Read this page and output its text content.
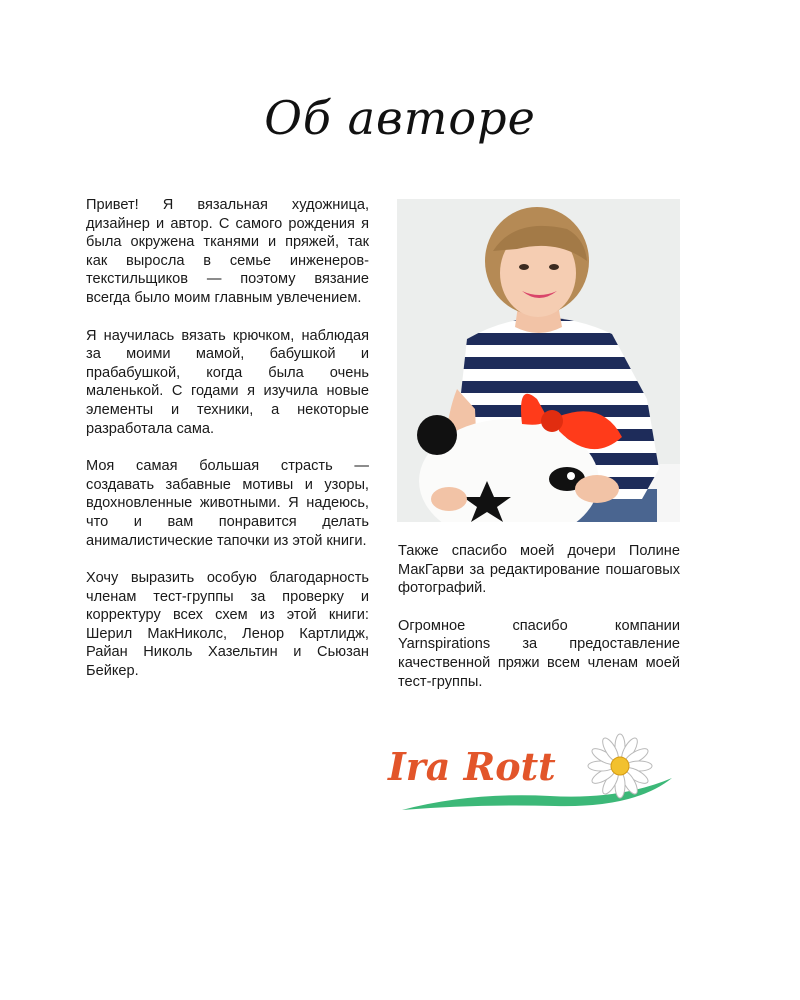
Об авторе

Привет! Я вязальная художница, дизайнер и автор. С самого рождения я была окружена тканями и пряжей, так как выросла в семье инженеров-текстильщиков — поэтому вязание всегда было моим главным увлечением.

Я научилась вязать крючком, наблюдая за моими мамой, бабушкой и прабабушкой, когда была очень маленькой. С годами я изучила новые элементы и техники, а некоторые разработала сама.

Моя самая большая страсть — создавать забавные мотивы и узоры, вдохновленные животными. Я надеюсь, что и вам понравится делать анималистические тапочки из этой книги.

Хочу выразить особую благодарность членам тест-группы за проверку и корректуру всех схем из этой книги: Шерил МакНиколс, Ленор Картлидж, Райан Николь Хазельтин и Сьюзан Бейкер.

Также спасибо моей дочери Полине МакГарви за редактирование пошаговых фотографий.

Огромное спасибо компании Yarnspirations за предоставление качественной пряжи всем членам моей тест-группы.

Ira Rott
